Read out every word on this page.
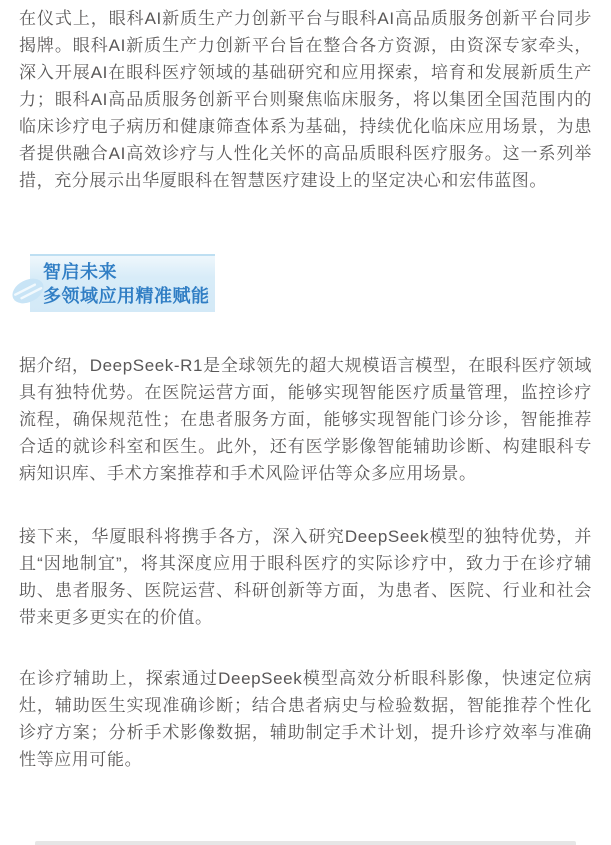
在仪式上，眼科AI新质生产力创新平台与眼科AI高品质服务创新平台同步揭牌。眼科AI新质生产力创新平台旨在整合各方资源，由资深专家牵头，深入开展AI在眼科医疗领域的基础研究和应用探索，培育和发展新质生产力；眼科AI高品质服务创新平台则聚焦临床服务，将以集团全国范围内的临床诊疗电子病历和健康筛查体系为基础，持续优化临床应用场景，为患者提供融合AI高效诊疗与人性化关怀的高品质眼科医疗服务。这一系列举措，充分展示出华厦眼科在智慧医疗建设上的坚定决心和宏伟蓝图。

智启未来
多领域应用精准赋能

据介绍，DeepSeek-R1是全球领先的超大规模语言模型，在眼科医疗领域具有独特优势。在医院运营方面，能够实现智能医疗质量管理，监控诊疗流程，确保规范性；在患者服务方面，能够实现智能门诊分诊，智能推荐合适的就诊科室和医生。此外，还有医学影像智能辅助诊断、构建眼科专病知识库、手术方案推荐和手术风险评估等众多应用场景。

接下来，华厦眼科将携手各方，深入研究DeepSeek模型的独特优势，并且“因地制宜”，将其深度应用于眼科医疗的实际诊疗中，致力于在诊疗辅助、患者服务、医院运营、科研创新等方面，为患者、医院、行业和社会带来更多更实在的价值。

在诊疗辅助上，探索通过DeepSeek模型高效分析眼科影像，快速定位病灶，辅助医生实现准确诊断；结合患者病史与检验数据，智能推荐个性化诊疗方案；分析手术影像数据，辅助制定手术计划，提升诊疗效率与准确性等应用可能。
